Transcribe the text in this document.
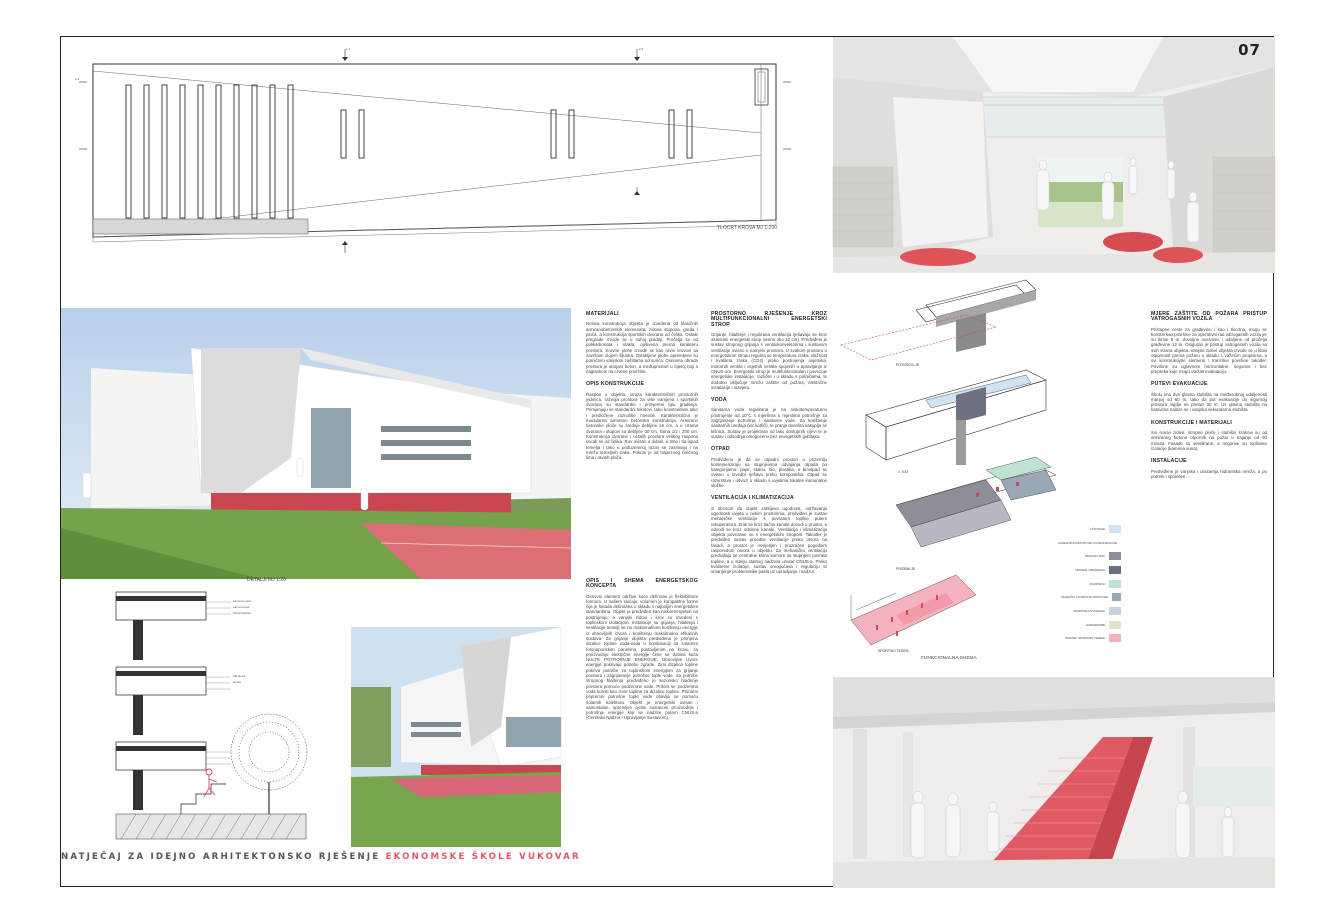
1-1	2-2
3-3
TLOCRT KROVA MJ 1:200
07
DETALJI MJ 1:20
kamena vuna
parna brana
hidroizolacija
AB ploča
žbuka
NATJEČAJ ZA IDEJNO ARHITEKTONSKO RJEŠENJE EKONOMSKE ŠKOLE VUKOVAR
MATERIJALI

Nosiva konstrukcija objekta je izvedena od klasičnih armiranobetonskih elemenata, zidova stupova, greda i ploča, a konstrukcija sportskih dvorana od čelika. Ostale pregrade izvode se u suhoj gradnji. Pročelja su od polikarbonata i stakla, opšivena prema karakteru prostora. Krovne plohe izvode se kao ravni krovovi sa završnim slojem šljunka. Ostakljene plohe opremljene su pomičnim vanjskim zaštitama od sunca. Osnovna obrada prostora je obojani beton, a međuprostori u bijeloj boji s naglaskom na crvene površine.

OPIS KONSTRUKCIJE

Raspon u objektu, izraza karakterističnih prostornih jedinica, razvoja prostora za više namjena i sportskih dvorana su standardni i primjereni tipu građenja. Primjenjuju se standardni tekstovi, tako konstruktivni tako i predložene raznolike metode. Karakteristična je modularna armirano betonska konstrukcija. Armirano betonske ploče su srednje debljine 16 cm, a u crtama dvorana i stupovi su debljine 30 cm, širina 1/2 i 200 cm. Konstrukcija dvorane i ostalih prostora velikog raspona izvodi se od čelika. Rov ovisan o dubini, a time i tla ispod temelja i tako u poduzemnoj razini se zasnivaju i na mrežu temeljnih traka. Pokrov je od trapeznog čeličnog lima i ravnih ploča.

OPIS I SHEMA ENERGETSKOG KONCEPTA

Osnovni element održive kuće definiran je fleksibilnom formom. U našem slučaju, volumen je kompaktne forme čija je fasada definirana u skladu s najboljim energetskim standardima. Objekt je predviđen kao niskoenergetski na postrojenju, a vanjski zidovi i krov su izvedeni s toplinskom izolacijom. Instalacije su grijanja, hlađenja i ventilacije temelji se na maksimalnom korištenju energije iz obnovljivih izvora i korištenju maksimalno efikasnih sustava. Za grijanje objekta predviđena je primjena dizalice topline voda-voda u kombinaciji sa solarnim fotonaponskim panelima, postavljenim na krovu, za proizvodnju električne energije čime se dobiva kuća NULTE POTROŠNJE ENERGIJE. Obnovljive izvore energije pokrivaju potrebe zgrade. Zimi dizalica topline pokriva potrebe za toplinskom energijom za grijanje prostora i zagrijavanje potrošne tople vode. Za potrebe stropnog hlađenja predviđeno je sezonsko hlađenje prostora pomoću podzemne vode. Pritom se podzemna voda koristi kao izvor topline za dizalicu topline. Primarni pripremni potrošne tople vode obavlja se pomoću solarnih kolektora. Objekt je energetski ovisan i samostalan, opremljen cjelim sustavom proizvodnje i potrošnje energije koji se nadzire putem CNUS-a (Centralni Nadzor i Upravljanje Sustavom).

PROSTORNO RJEŠENJE KROZ MULTIFUNKCIONALNI ENERGETSKI STROP

Grijanje, hlađenje i regulirana ventilacija rješavaju se kroz aktivirani energetski strop (visine oko 10 cm). Predviđeni je sustav stropnog grijanja s ventilokonvektorima i sustavom ventilacije ovisno o namjeni prostora. U svakom prostoru u energetskom stropu regulira se temperatura zraka, vlažnost i kvaliteta zraka (CO2) preko postrojenja osjetnika, motornih ventila i osjetnih ventila spojenih u upravljanje iz CNUS-om. Energetski strop je multifunkcionalan i povezuje energetske instalacije, različite i u skladu s potrebama, te dodatno uključuje mrežu zaštite od požara, električne instalacije i rasvjetu.

VODA

Sanitarna voda regulirana je na niskotemperaturno postrojenje od 10°C s mjerilima u mjestima potrošnje za zagrijavanje potrošnje i sanitarne vode. Za korištenje sanitarnih uređaja (wc kotlići), te pranje dvorišta sakuplja se kišnica. Sustav je projektiran od lako dostupnih cijevi te je sustav i odvodnja omogućeno bez energetskih gubitaka.

OTPAD

Predviđeno je da se otpadni prostori u prizemlju kontejneriziraju na stupnjevima odvajanja otpada po kategorijama: papir, staklo, bio, plastika, a biootpad se ovisno o izvedbi rješava preko kompostišta. Otpad se razvrstava i odvozi u skladu s uvjetima lokalne komunalne službe.

VENTILACIJA I KLIMATIZACIJA

S obzirom da objekt zahtijeva ugodnost, održavanja ugodnosti uvjeta u nekim prostorima, predviđen je sustav mehaničke ventilacije s povratom topline putem rekuperatora. Zrak se kroz tlačne kanale dovodi u prostor, a odvodi se kroz odsisne kanale. Ventilacija i klimatizacija objekta povezane su s energetskim stropom. Također je predviđen sustav prirodne ventilacije preko otvora na fasadi, a prostor je osvijetljen i prozračen pogodnim rasporedom otvora u objektu. Za mehaničku ventilaciju predviđaju se centralne klima komore sa stupnjem povrata topline, a u stanju stalnog nadzora unutar CNUS-a. Preko kvalitetne izolacije, sustav omogućava i regulaciju te smanjenje problematike pakla uz upravljanje i nadzor.

POTKROVLJE
1. KAT
PRIZEMLJE
SPORTSKI TEREN
UČIONICE
ZAJEDNIČKI PROSTORI I KOMUNIKACIJE
ŠKOLSKI TRG
UPRAVA I ZBORNICA
KNJIŽNICA
TEHNIČKI I POMOĆNI PROSTORI
SPORTSKA DVORANA
GARDEROBE
VANJSKI SPORTSKI TERENI
FUNKCIONALNA SHEMA
MJERE ZAŠTITE OD POŽARA PRISTUP VATROGASNIH VOZILA

Pristupne ceste za građevinu i kao i tlocrtna, mogu se koristiti kao površine za operativni rad vatrogasnih vozila jer su širine 6 m, dovoljne nosivosti, i udaljene od pročelja građevine 12 m. Osiguran je pristup vatrogasnih vozila sa svih strana objekta. Vanjski zidovi objekta izvode se u klasi otpornosti prema požaru u skladu s važećim propisima, a svi konstrukcijski elementi i tranzitne površine također. Površine su uglavnom horizontalne, negorive i bez prepreka koje mogu otežati evakuaciju.

PUTEVI EVAKUACIJE

Školu ima dva glavna stubišta na međusobnoj udaljenosti manjoj od 60 m, tako da put evakuacije do sigurnog prostora nigdje ne prelazi 30 m. Uz glavna stubišta na katovima nalaze se i vanjska sekundarna stubišta.

KONSTRUKCIJE I MATERIJALI

Svi nosivi zidovi, stropne ploče i stubišni krakovi su od armiranog betona otpornih na požar u trajanju od 90 minuta. Fasade su ventilirane, a negorive su toplinske izolacije (kamena vuna).

INSTALACIJE

Predviđene je vanjska i unutarnja hidrantska mreža, a po potrebi i sprinkleri.
